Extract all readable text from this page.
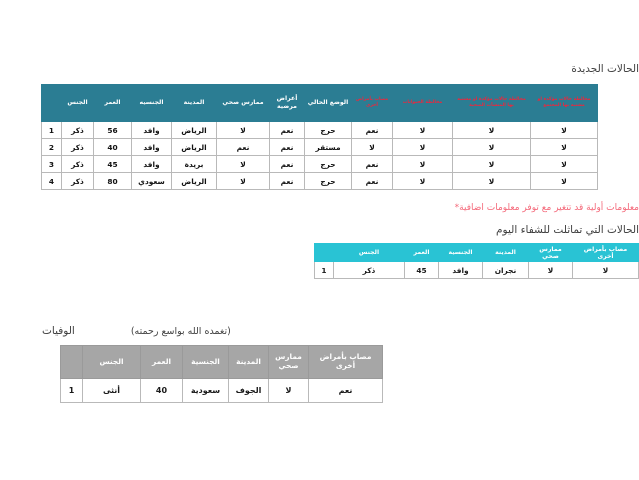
الحالات الجديدة
مخالطة حالات مؤكدة او مشتبه بها المجتمع	مخالطة حالات مؤكدة او مشتبه بها المنشآت الصحية	مخالطة الحيوانات	مصاب بأمراض أخرى	الوضع الحالي	أعراض مرضية	ممارس صحي	المدينة	الجنسيه	العمر	الجنس	
لا	لا	لا	نعم	حرج	نعم	لا	الرياض	وافد	56	ذكر	1
لا	لا	لا	لا	مستقر	نعم	نعم	الرياض	وافد	40	ذكر	2
لا	لا	لا	نعم	حرج	نعم	لا	بريدة	وافد	45	ذكر	3
لا	لا	لا	نعم	حرج	نعم	لا	الرياض	سعودي	80	ذكر	4
معلومات أولية قد تتغير مع توفر معلومات اضافية*
الحالات التي تماثلت للشفاء اليوم
مصاب بأمراض أخرى	ممارس صحي	المدينة	الجنسية	العمر	الجنس	
لا	لا	نجران	وافد	45	ذكر	1
الوفيات	(تغمده الله بواسع رحمته)
مصاب بأمراض أخرى	ممارس صحي	المدينة	الجنسية	العمر	الجنس	
نعم	لا	الجوف	سعودية	40	أنثى	1
